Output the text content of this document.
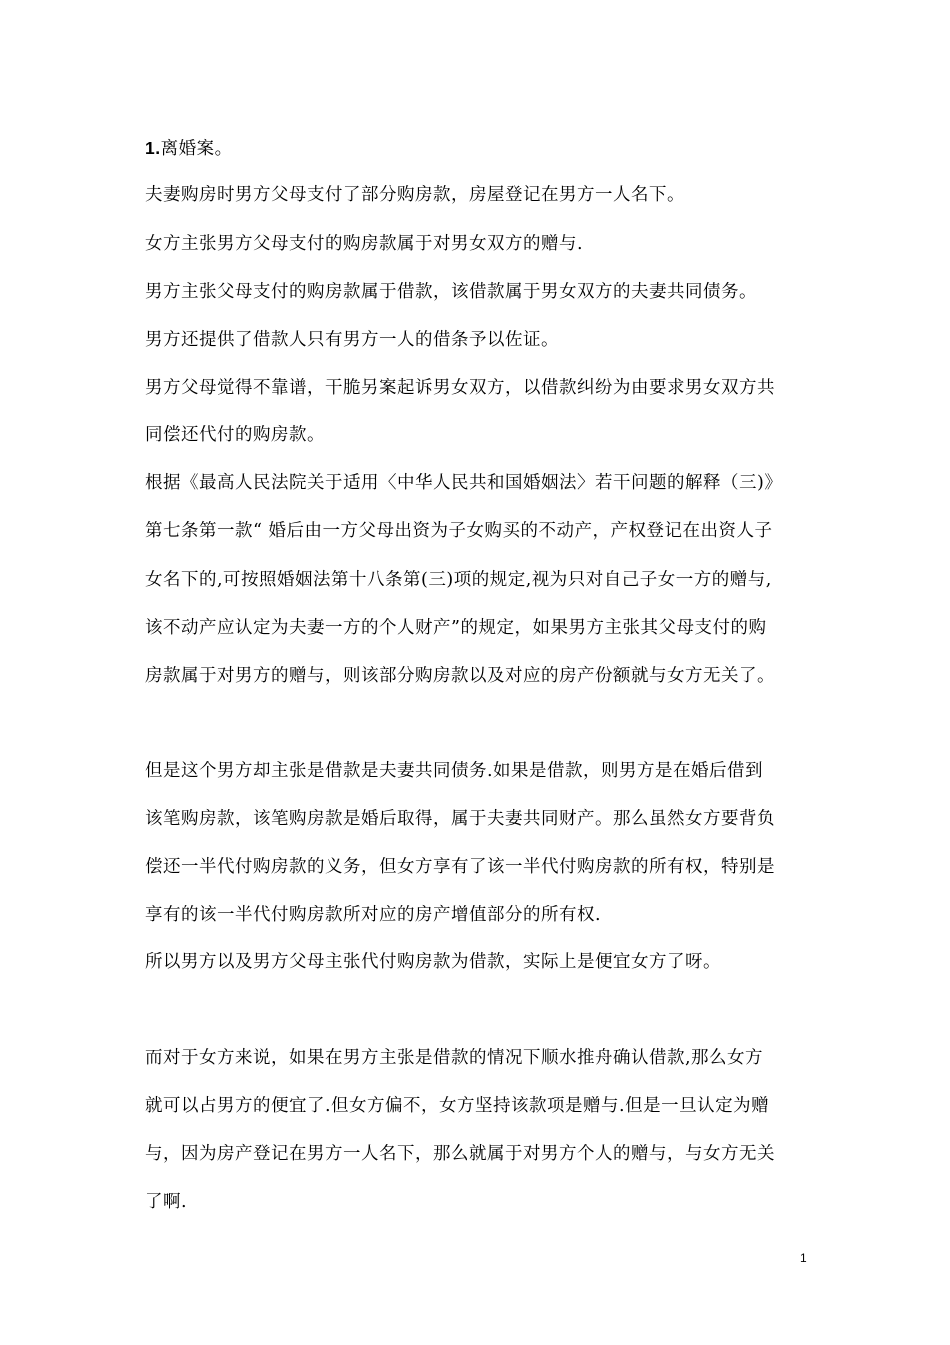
1.离婚案。
夫妻购房时男方父母支付了部分购房款，房屋登记在男方一人名下。
女方主张男方父母支付的购房款属于对男女双方的赠与.
男方主张父母支付的购房款属于借款，该借款属于男女双方的夫妻共同债务。
男方还提供了借款人只有男方一人的借条予以佐证。
男方父母觉得不靠谱，干脆另案起诉男女双方，以借款纠纷为由要求男女双方共
同偿还代付的购房款。
根据《最高人民法院关于适用〈中华人民共和国婚姻法〉若干问题的解释（三)》
第七条第一款“ 婚后由一方父母出资为子女购买的不动产，产权登记在出资人子
女名下的,可按照婚姻法第十八条第(三)项的规定,视为只对自己子女一方的赠与,
该不动产应认定为夫妻一方的个人财产”的规定，如果男方主张其父母支付的购
房款属于对男方的赠与，则该部分购房款以及对应的房产份额就与女方无关了。
但是这个男方却主张是借款是夫妻共同债务.如果是借款，则男方是在婚后借到
该笔购房款，该笔购房款是婚后取得，属于夫妻共同财产。那么虽然女方要背负
偿还一半代付购房款的义务，但女方享有了该一半代付购房款的所有权，特别是
享有的该一半代付购房款所对应的房产增值部分的所有权.
所以男方以及男方父母主张代付购房款为借款，实际上是便宜女方了呀。
而对于女方来说，如果在男方主张是借款的情况下顺水推舟确认借款,那么女方
就可以占男方的便宜了.但女方偏不，女方坚持该款项是赠与.但是一旦认定为赠
与，因为房产登记在男方一人名下，那么就属于对男方个人的赠与，与女方无关
了啊.
1
